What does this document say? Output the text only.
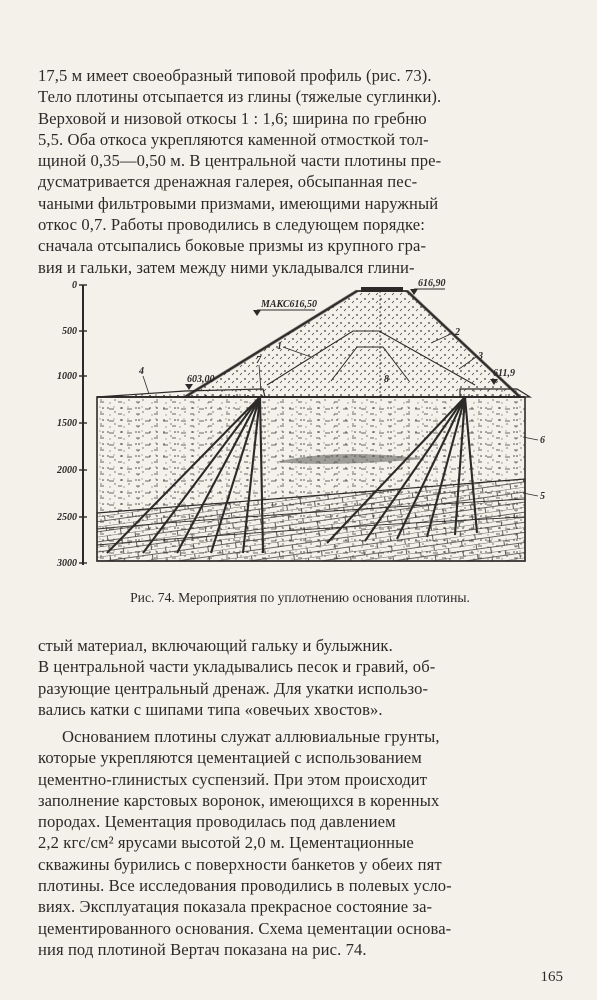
17,5 м имеет своеобразный типовой профиль (рис. 73).
Тело плотины отсыпается из глины (тяжелые суглинки).
Верховой и низовой откосы 1 : 1,6; ширина по гребню
5,5. Оба откоса укрепляются каменной отмосткой тол-
щиной 0,35—0,50 м. В центральной части плотины пре-
дусматривается дренажная галерея, обсыпанная пес-
чаными фильтровыми призмами, имеющими наружный
откос 0,7. Работы проводились в следующем порядке:
сначала отсыпались боковые призмы из крупного гра-
вия и гальки, затем между ними укладывался глини-

0
500
1000
1500
2000
2500
3000
МАКС616,50
616,90
603,00
611,9
1
2
3
4
5
6
7
8
Рис. 74. Мероприятия по уплотнению основания плотины.

стый материал, включающий гальку и булыжник.
В центральной части укладывались песок и гравий, об-
разующие центральный дренаж. Для укатки использо-
вались катки с шипами типа «овечьих хвостов».

Основанием плотины служат аллювиальные грунты,
которые укрепляются цементацией с использованием
цементно-глинистых суспензий. При этом происходит
заполнение карстовых воронок, имеющихся в коренных
породах. Цементация проводилась под давлением
2,2 кгс/см² ярусами высотой 2,0 м. Цементационные
скважины бурились с поверхности банкетов у обеих пят
плотины. Все исследования проводились в полевых усло-
виях. Эксплуатация показала прекрасное состояние за-
цементированного основания. Схема цементации основа-
ния под плотиной Вертач показана на рис. 74.

165
